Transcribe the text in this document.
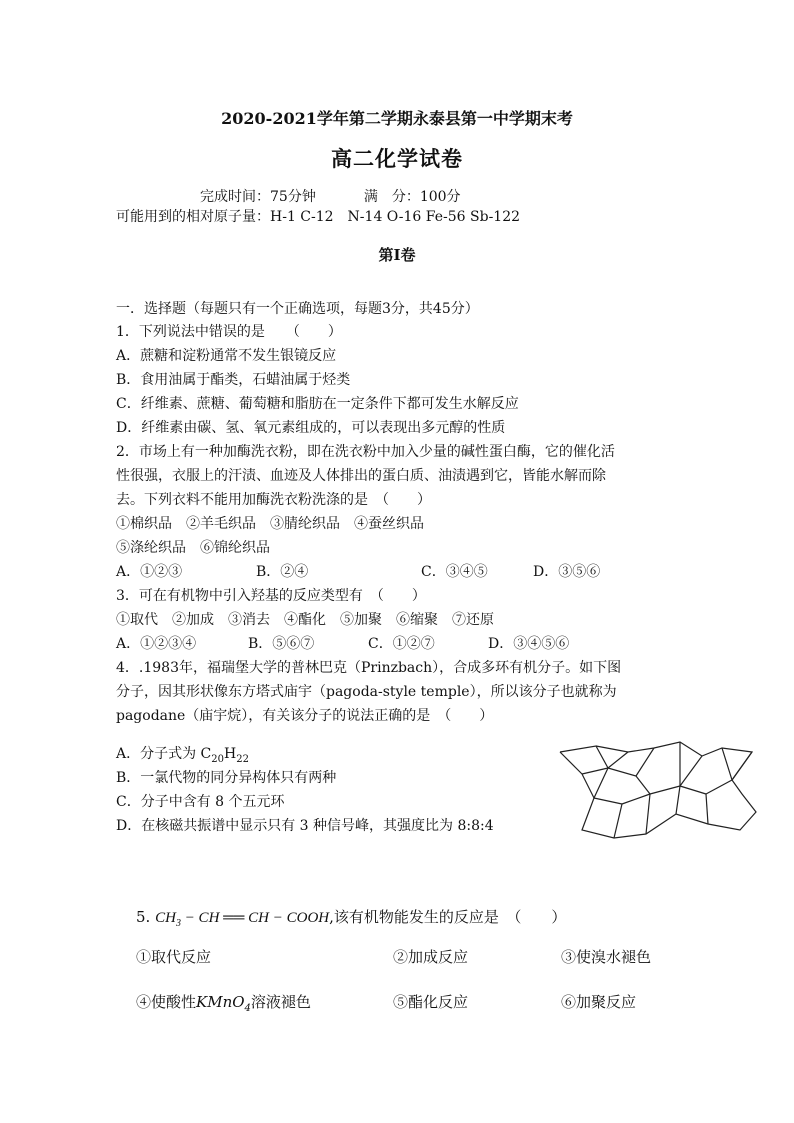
2020-2021学年第二学期永泰县第一中学期末考
高二化学试卷
完成时间：75分钟	满　分：100分
可能用到的相对原子量：H-1 C-12　N-14 O-16 Fe-56 Sb-122
第Ⅰ卷
一．选择题（每题只有一个正确选项，每题3分，共45分）
1．下列说法中错误的是　　（　　）
A．蔗糖和淀粉通常不发生银镜反应
B．食用油属于酯类，石蜡油属于烃类
C．纤维素、蔗糖、葡萄糖和脂肪在一定条件下都可发生水解反应
D．纤维素由碳、氢、氧元素组成的，可以表现出多元醇的性质
2．市场上有一种加酶洗衣粉，即在洗衣粉中加入少量的碱性蛋白酶，它的催化活
性很强，衣服上的汗渍、血迹及人体排出的蛋白质、油渍遇到它，皆能水解而除
去。下列衣料不能用加酶洗衣粉洗涤的是　（　　）
①棉织品　②羊毛织品　③腈纶织品　④蚕丝织品
⑤涤纶织品　⑥锦纶织品
A．①②③	B．②④	C．③④⑤	D．③⑤⑥
3．可在有机物中引入羟基的反应类型有　（　　）
①取代　②加成　③消去　④酯化　⑤加聚　⑥缩聚　⑦还原
A．①②③④	B．⑤⑥⑦	C．①②⑦	D．③④⑤⑥
4．.1983年，福瑞堡大学的普林巴克（Prinzbach），合成多环有机分子。如下图
分子，因其形状像东方塔式庙宇（pagoda-style temple），所以该分子也就称为
pagodane（庙宇烷），有关该分子的说法正确的是　（　　）
A．分子式为 $C_{20}H_{22}$
B．一氯代物的同分异构体只有两种
C．分子中含有 8 个五元环
D．在核磁共振谱中显示只有 3 种信号峰，其强度比为 8:8:4
5. $CH_3$ − CH ══ CH − COOH,该有机物能发生的反应是　（　　）
①取代反应	②加成反应	③使溴水褪色
④使酸性KMnO$_4$溶液褪色	⑤酯化反应	⑥加聚反应
